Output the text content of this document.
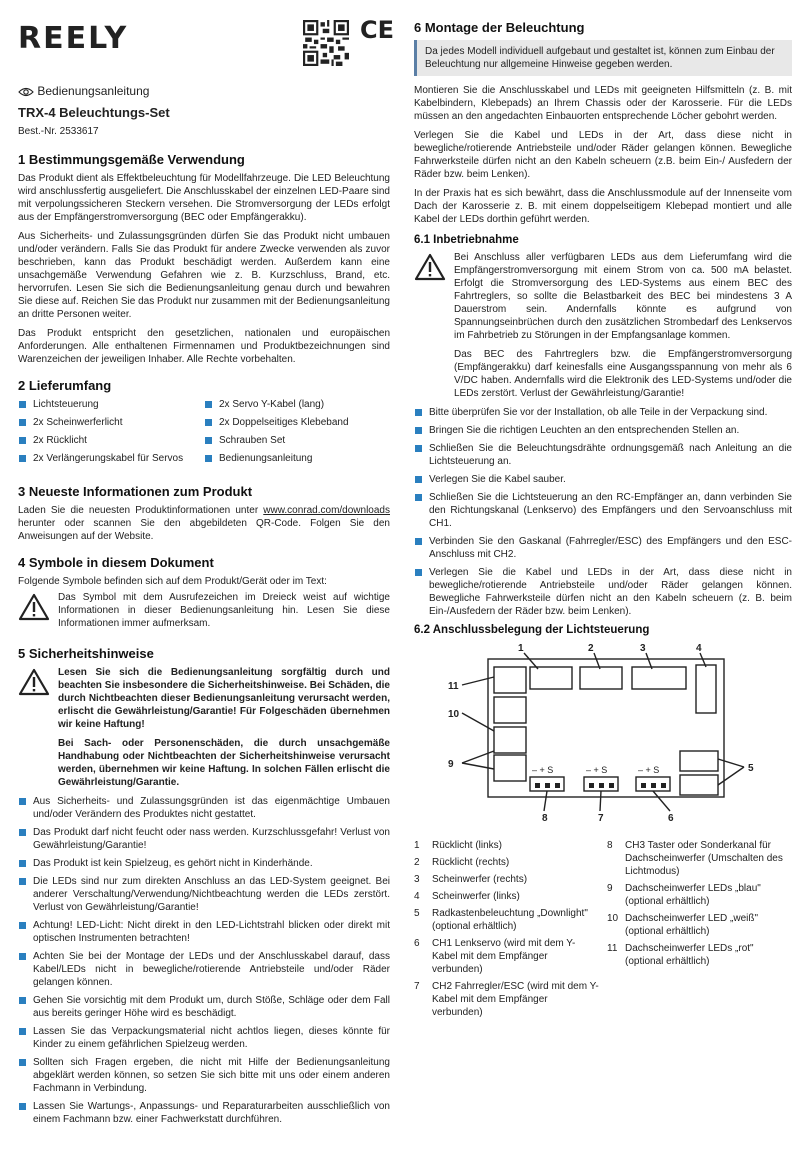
REELY	CE
Bedienungsanleitung
TRX-4 Beleuchtungs-Set
Best.-Nr. 2533617
1 Bestimmungsgemäße Verwendung

Das Produkt dient als Effektbeleuchtung für Modellfahrzeuge. Die LED Beleuchtung wird anschlussfertig ausgeliefert. Die Anschlusskabel der einzelnen LED-Paare sind mit verpolungssicheren Steckern versehen. Die Stromversorgung der LEDs erfolgt aus der Empfängerstromversorgung (BEC oder Empfängerakku).

Aus Sicherheits- und Zulassungsgründen dürfen Sie das Produkt nicht umbauen und/oder verändern. Falls Sie das Produkt für andere Zwecke verwenden als zuvor beschrieben, kann das Produkt beschädigt werden. Außerdem kann eine unsachgemäße Verwendung Gefahren wie z. B. Kurzschluss, Brand, etc. hervorrufen. Lesen Sie sich die Bedienungsanleitung genau durch und bewahren Sie diese auf. Reichen Sie das Produkt nur zusammen mit der Bedienungsanleitung an dritte Personen weiter.

Das Produkt entspricht den gesetzlichen, nationalen und europäischen Anforderungen. Alle enthaltenen Firmennamen und Produktbezeichnungen sind Warenzeichen der jeweiligen Inhaber. Alle Rechte vorbehalten.

2 Lieferumfang
Lichtsteuerung
2x Scheinwerferlicht
2x Rücklicht
2x Verlängerungskabel für Servos
2x Servo Y-Kabel (lang)
2x Doppelseitiges Klebeband
Schrauben Set
Bedienungsanleitung
3 Neueste Informationen zum Produkt

Laden Sie die neuesten Produktinformationen unter www.conrad.com/downloads herunter oder scannen Sie den abgebildeten QR-Code. Folgen Sie den Anweisungen auf der Website.

4 Symbole in diesem Dokument

Folgende Symbole befinden sich auf dem Produkt/Gerät oder im Text:

Das Symbol mit dem Ausrufezeichen im Dreieck weist auf wichtige Informationen in dieser Bedienungsanleitung hin. Lesen Sie diese Informationen immer aufmerksam.

5 Sicherheitshinweise

Lesen Sie sich die Bedienungsanleitung sorgfältig durch und beachten Sie insbesondere die Sicherheitshinweise. Bei Schäden, die durch Nichtbeachten dieser Bedienungsanleitung verursacht werden, erlischt die Gewährleistung/Garantie! Für Folgeschäden übernehmen wir keine Haftung!

Bei Sach- oder Personenschäden, die durch unsachgemäße Handhabung oder Nichtbeachten der Sicherheitshinweise verursacht werden, übernehmen wir keine Haftung. In solchen Fällen erlischt die Gewährleistung/Garantie.

Aus Sicherheits- und Zulassungsgründen ist das eigenmächtige Umbauen und/oder Verändern des Produktes nicht gestattet.
Das Produkt darf nicht feucht oder nass werden. Kurzschlussgefahr! Verlust von Gewährleistung/Garantie!
Das Produkt ist kein Spielzeug, es gehört nicht in Kinderhände.
Die LEDs sind nur zum direkten Anschluss an das LED-System geeignet. Bei anderer Verschaltung/Verwendung/Nichtbeachtung werden die LEDs zerstört. Verlust von Gewährleistung/Garantie!
Achtung! LED-Licht: Nicht direkt in den LED-Lichtstrahl blicken oder direkt mit optischen Instrumenten betrachten!
Achten Sie bei der Montage der LEDs und der Anschlusskabel darauf, dass Kabel/LEDs nicht in bewegliche/rotierende Antriebsteile und/oder Räder gelangen können.
Gehen Sie vorsichtig mit dem Produkt um, durch Stöße, Schläge oder dem Fall aus bereits geringer Höhe wird es beschädigt.
Lassen Sie das Verpackungsmaterial nicht achtlos liegen, dieses könnte für Kinder zu einem gefährlichen Spielzeug werden.
Sollten sich Fragen ergeben, die nicht mit Hilfe der Bedienungsanleitung abgeklärt werden können, so setzen Sie sich bitte mit uns oder einem anderen Fachmann in Verbindung.
Lassen Sie Wartungs-, Anpassungs- und Reparaturarbeiten ausschließlich von einem Fachmann bzw. einer Fachwerkstatt durchführen.
6 Montage der Beleuchtung
Da jedes Modell individuell aufgebaut und gestaltet ist, können zum Einbau der Beleuchtung nur allgemeine Hinweise gegeben werden.

Montieren Sie die Anschlusskabel und LEDs mit geeigneten Hilfsmitteln (z. B. mit Kabelbindern, Klebepads) an Ihrem Chassis oder der Karosserie. Für die LEDs müssen an den angedachten Einbauorten entsprechende Löcher gebohrt werden.

Verlegen Sie die Kabel und LEDs in der Art, dass diese nicht in bewegliche/rotierende Antriebsteile und/oder Räder gelangen können. Bewegliche Fahrwerksteile dürfen nicht an den Kabeln scheuern (z.B. beim Ein-/ Ausfedern der Räder bzw. beim Lenken).

In der Praxis hat es sich bewährt, dass die Anschlussmodule auf der Innenseite vom Dach der Karosserie z. B. mit einem doppelseitigem Klebepad montiert und alle Kabel der LEDs dorthin geführt werden.

6.1 Inbetriebnahme

Bei Anschluss aller verfügbaren LEDs aus dem Lieferumfang wird die Empfängerstromversorgung mit einem Strom von ca. 500 mA belastet. Erfolgt die Stromversorgung des LED-Systems aus einem BEC des Fahrtreglers, so sollte die Belastbarkeit des BEC bei mindestens 3 A Dauerstrom sein. Andernfalls könnte es aufgrund von Spannungseinbrüchen durch den zusätzlichen Strombedarf des Lenkservos im Fahrbetrieb zu Störungen in der Empfangsanlage kommen.

Das BEC des Fahrtreglers bzw. die Empfängerstromversorgung (Empfängerakku) darf keinesfalls eine Ausgangsspannung von mehr als 6 V/DC haben. Andernfalls wird die Elektronik des LED-Systems und/oder die LEDs zerstört. Verlust der Gewährleistung/Garantie!

Bitte überprüfen Sie vor der Installation, ob alle Teile in der Verpackung sind.
Bringen Sie die richtigen Leuchten an den entsprechenden Stellen an.
Schließen Sie die Beleuchtungsdrähte ordnungsgemäß nach Anleitung an die Lichtsteuerung an.
Verlegen Sie die Kabel sauber.
Schließen Sie die Lichtsteuerung an den RC-Empfänger an, dann verbinden Sie den Richtungskanal (Lenkservo) des Empfängers und den Servoanschluss mit CH1.
Verbinden Sie den Gaskanal (Fahrregler/ESC) des Empfängers und den ESC-Anschluss mit CH2.
Verlegen Sie die Kabel und LEDs in der Art, dass diese nicht in bewegliche/rotierende Antriebsteile und/oder Räder gelangen können. Bewegliche Fahrwerksteile dürfen nicht an den Kabeln scheuern (z. B. beim Ein-/Ausfedern der Räder bzw. beim Lenken).
6.2 Anschlussbelegung der Lichtsteuerung
1	2	3	4
5
6
7
8
9
10
11
– + S	– + S	– + S
1	Rücklicht (links)
2	Rücklicht (rechts)
3	Scheinwerfer (rechts)
4	Scheinwerfer (links)
5	Radkastenbeleuchtung „Downlight" (optional erhältlich)
6	CH1 Lenkservo (wird mit dem Y-Kabel mit dem Empfänger verbunden)
7	CH2 Fahrregler/ESC (wird mit dem Y-Kabel mit dem Empfänger verbunden)
8	CH3 Taster oder Sonderkanal für Dachscheinwerfer (Umschalten des Lichtmodus)
9	Dachscheinwerfer LEDs „blau" (optional erhältlich)
10 Dachscheinwerfer LED „weiß" (optional erhältlich)
11 Dachscheinwerfer LEDs „rot" (optional erhältlich)
